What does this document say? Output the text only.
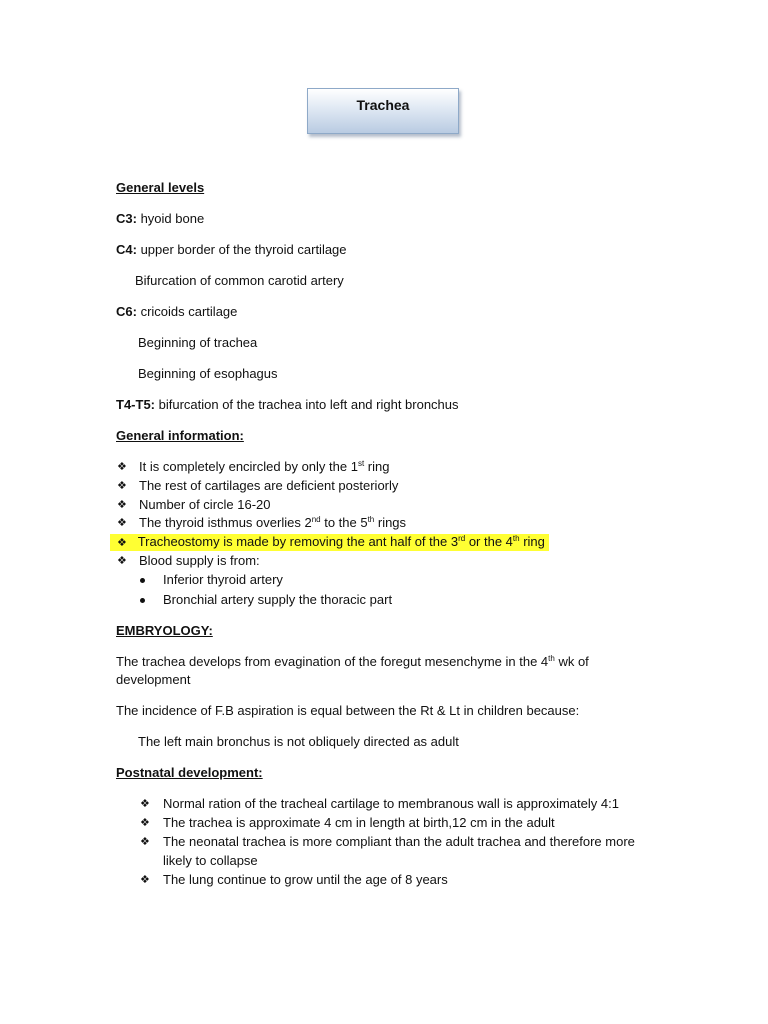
Trachea
General levels
C3: hyoid bone
C4: upper border of the thyroid cartilage
Bifurcation of common carotid artery
C6: cricoids cartilage
Beginning of trachea
Beginning of esophagus
T4-T5: bifurcation of the trachea into left and right bronchus
General information:
❖ It is completely encircled by only the 1st ring
❖ The rest of cartilages are deficient posteriorly
❖ Number of circle 16-20
❖ The thyroid isthmus overlies 2nd to the 5th rings
❖ Tracheostomy is made by removing the ant half of the 3rd or the 4th ring
❖ Blood supply is from:
Inferior thyroid artery
Bronchial artery supply the thoracic part
EMBRYOLOGY:
The trachea develops from evagination of the foregut mesenchyme in the 4th wk of
development
The incidence of F.B aspiration is equal between the Rt & Lt in children because:
The left main bronchus is not obliquely directed as adult
Postnatal development:
❖ Normal ration of the tracheal cartilage to membranous wall is approximately 4:1
❖ The trachea is approximate 4 cm in length at birth,12 cm in the adult
❖ The neonatal trachea is more compliant than the adult trachea and therefore more
likely to collapse
❖ The lung continue to grow until the age of 8 years
